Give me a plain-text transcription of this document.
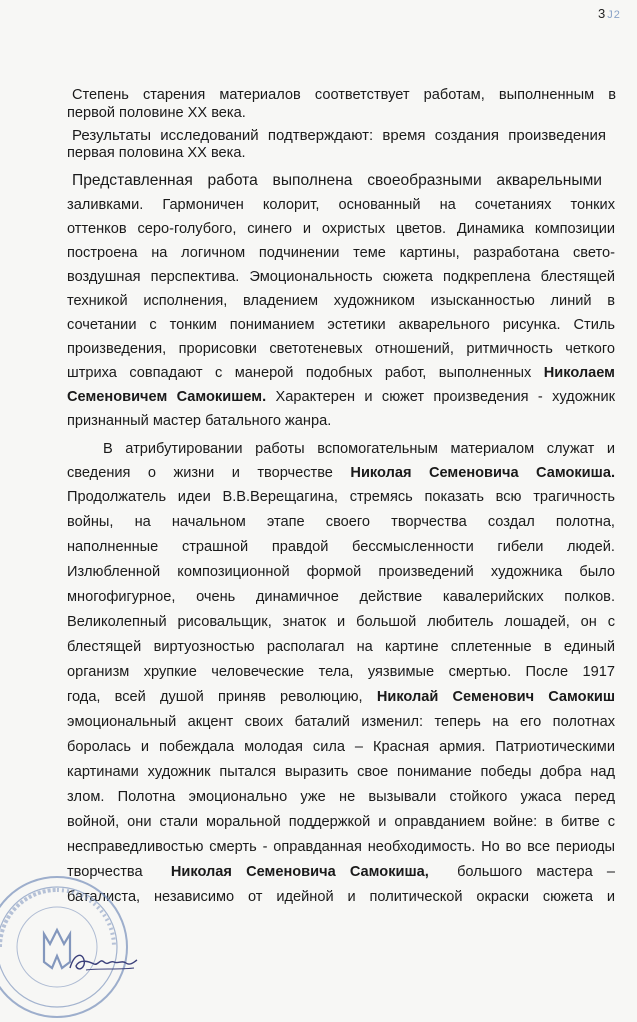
3 J2
Степень старения материалов соответствует работам, выполненным в
первой половине XX века.
Результаты исследований подтверждают: время создания произведения
первая половина XX века.
Представленная работа выполнена своеобразными акварельными
заливками. Гармоничен колорит, основанный на сочетаниях тонких
оттенков серо-голубого, синего и охристых цветов. Динамика композиции
построена на логичном подчинении теме картины, разработана свето-
воздушная перспектива. Эмоциональность сюжета подкреплена блестящей
техникой исполнения, владением художником изысканностью линий в
сочетании с тонким пониманием эстетики акварельного рисунка. Стиль
произведения, прорисовки светотеневых отношений, ритмичность четкого
штриха совпадают с манерой подобных работ, выполненных Николаем
Семеновичем Самокишем. Характерен и сюжет произведения - художник
признанный мастер батального жанра.
В атрибутировании работы вспомогательным материалом служат и
сведения о жизни и творчестве Николая Семеновича Самокиша.
Продолжатель идеи В.В.Верещагина, стремясь показать всю трагичность
войны, на начальном этапе своего творчества создал полотна,
наполненные страшной правдой бессмысленности гибели людей.
Излюбленной композиционной формой произведений художника было
многофигурное, очень динамичное действие кавалерийских полков.
Великолепный рисовальщик, знаток и большой любитель лошадей, он с
блестящей виртуозностью располагал на картине сплетенные в единый
организм хрупкие человеческие тела, уязвимые смертью. После 1917
года, всей душой приняв революцию, Николай Семенович Самокиш
эмоциональный акцент своих баталий изменил: теперь на его полотнах
боролась и побеждала молодая сила – Красная армия. Патриотическими
картинами художник пытался выразить свое понимание победы добра над
злом. Полотна эмоционально уже не вызывали стойкого ужаса перед
войной, они стали моральной поддержкой и оправданием войне: в битве с
несправедливостью смерть - оправданная необходимость. Но во все периоды
творчества Николая Семеновича Самокиша, большого мастера –
баталиста, независимо от идейной и политической окраски сюжета и
